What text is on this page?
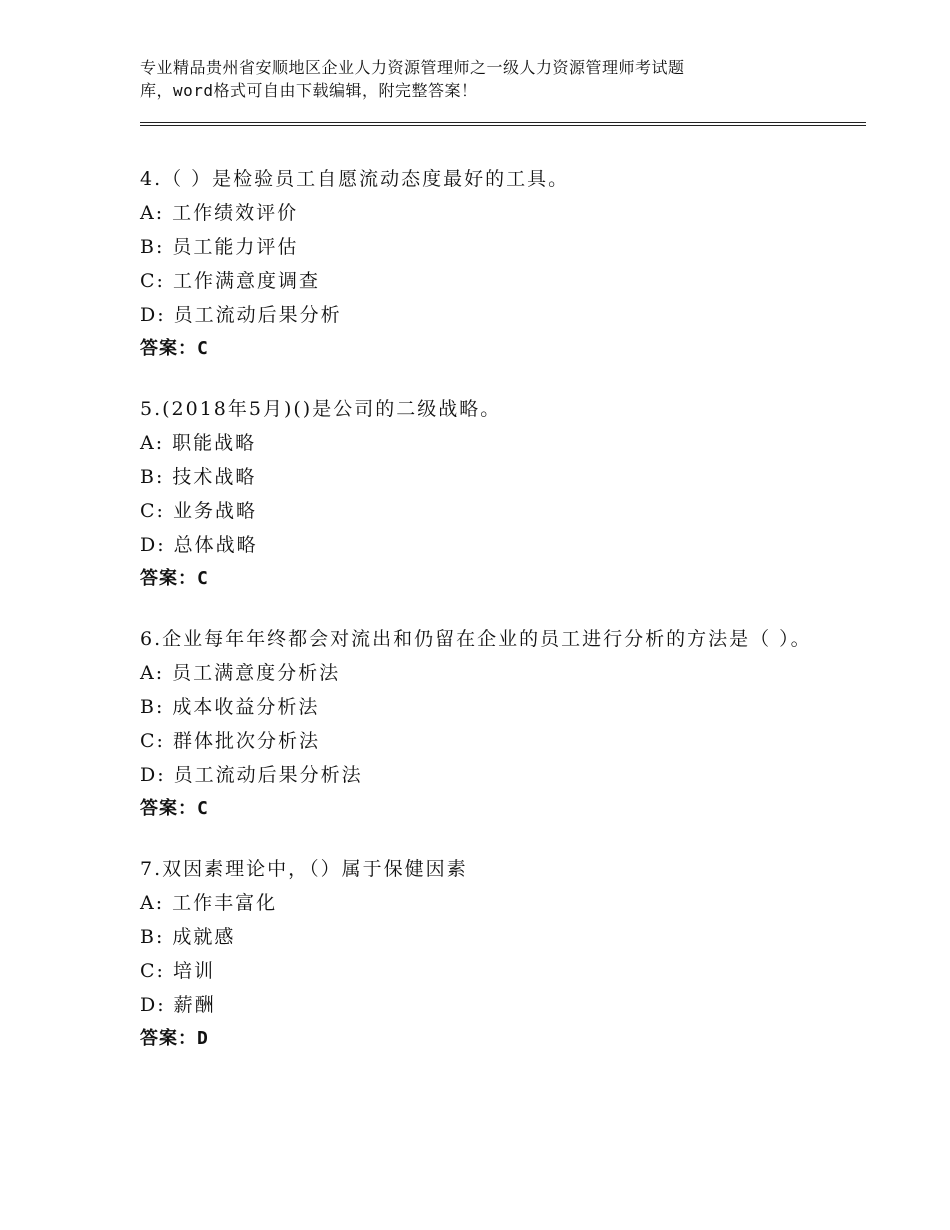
专业精品贵州省安顺地区企业人力资源管理师之一级人力资源管理师考试题
库，word格式可自由下载编辑，附完整答案！
4.（ ）是检验员工自愿流动态度最好的工具。
A: 工作绩效评价
B: 员工能力评估
C: 工作满意度调查
D: 员工流动后果分析
答案：C
5.(2018年5月)()是公司的二级战略。
A: 职能战略
B: 技术战略
C: 业务战略
D: 总体战略
答案：C
6.企业每年年终都会对流出和仍留在企业的员工进行分析的方法是（ ）。
A: 员工满意度分析法
B: 成本收益分析法
C: 群体批次分析法
D: 员工流动后果分析法
答案：C
7.双因素理论中，（）属于保健因素
A: 工作丰富化
B: 成就感
C: 培训
D: 薪酬
答案：D
